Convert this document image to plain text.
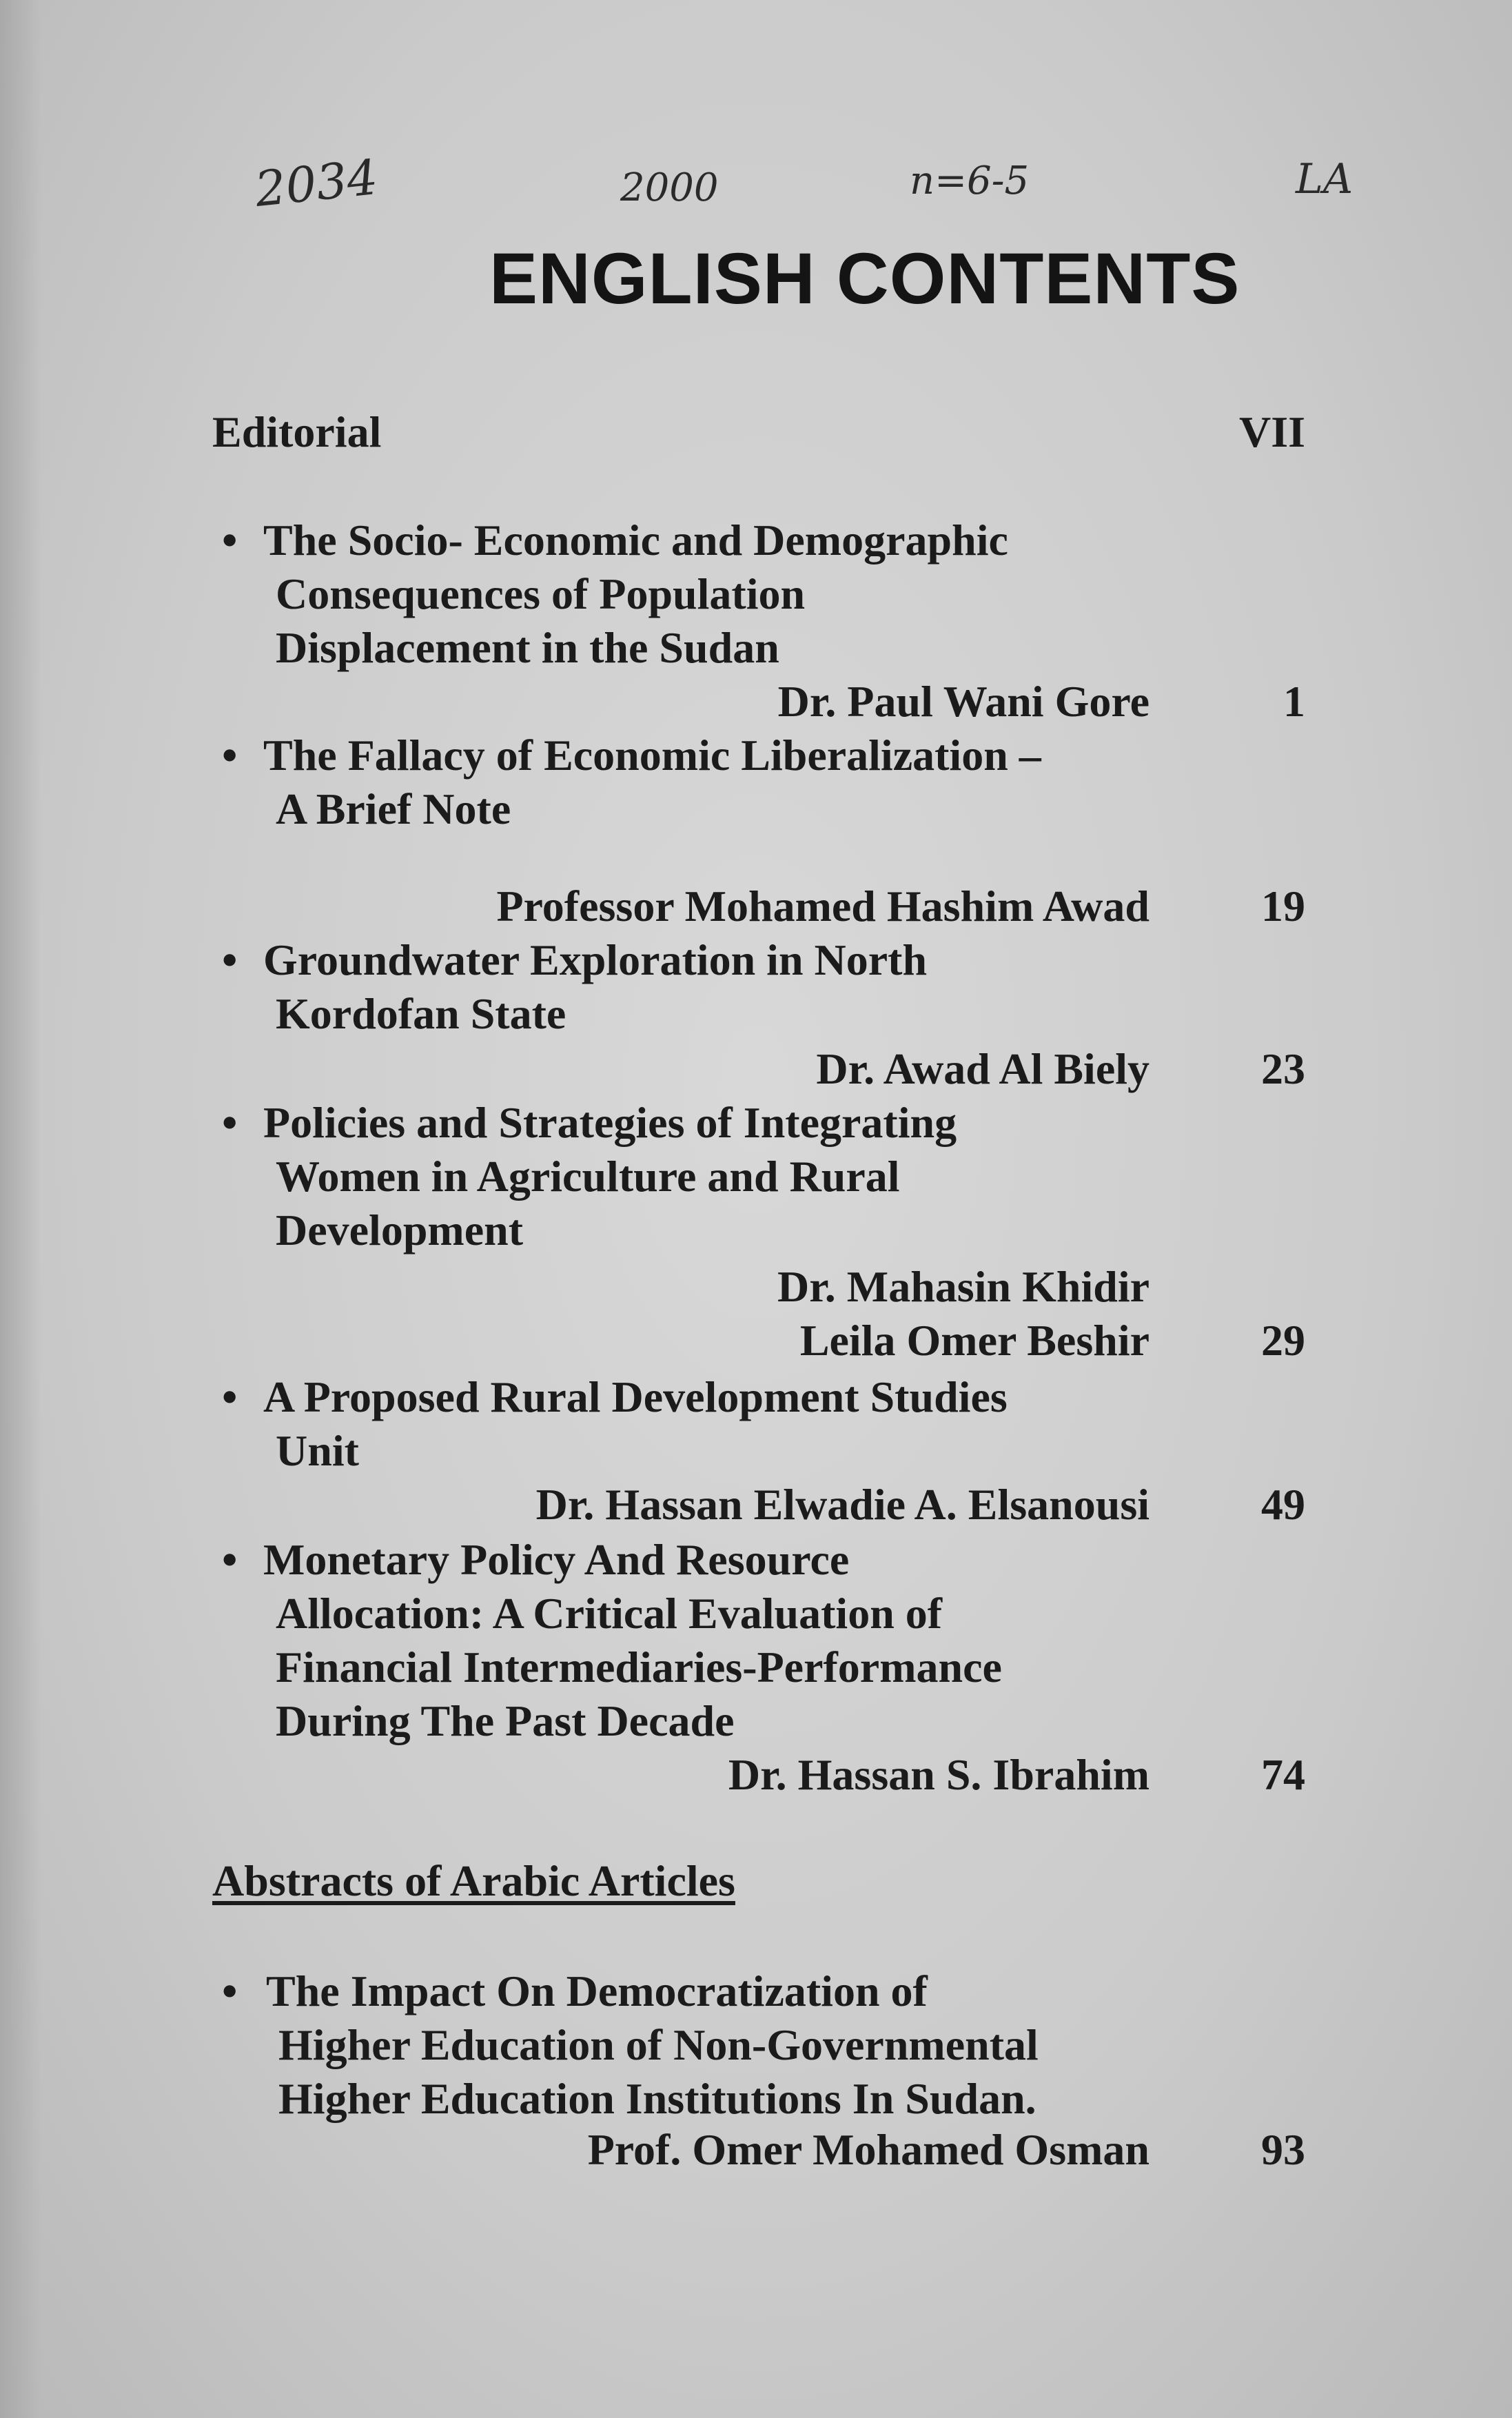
2034	2000	n=6-5	LA
ENGLISH CONTENTS
Editorial	VII
• The Socio- Economic and Demographic
Consequences of Population
Displacement in the Sudan
Dr. Paul Wani Gore	1
• The Fallacy of Economic Liberalization –
A Brief Note
Professor Mohamed Hashim Awad	19
• Groundwater Exploration in North
Kordofan State
Dr. Awad Al Biely	23
• Policies and Strategies of Integrating
Women in Agriculture and Rural
Development
Dr. Mahasin Khidir
Leila Omer Beshir	29
• A Proposed Rural Development Studies
Unit
Dr. Hassan Elwadie A. Elsanousi	49
• Monetary Policy And Resource
Allocation: A Critical Evaluation of
Financial Intermediaries-Performance
During The Past Decade
Dr. Hassan S. Ibrahim	74
Abstracts of Arabic Articles
• The Impact On Democratization of
Higher Education of Non-Governmental
Higher Education Institutions In Sudan.
Prof. Omer Mohamed Osman	93
